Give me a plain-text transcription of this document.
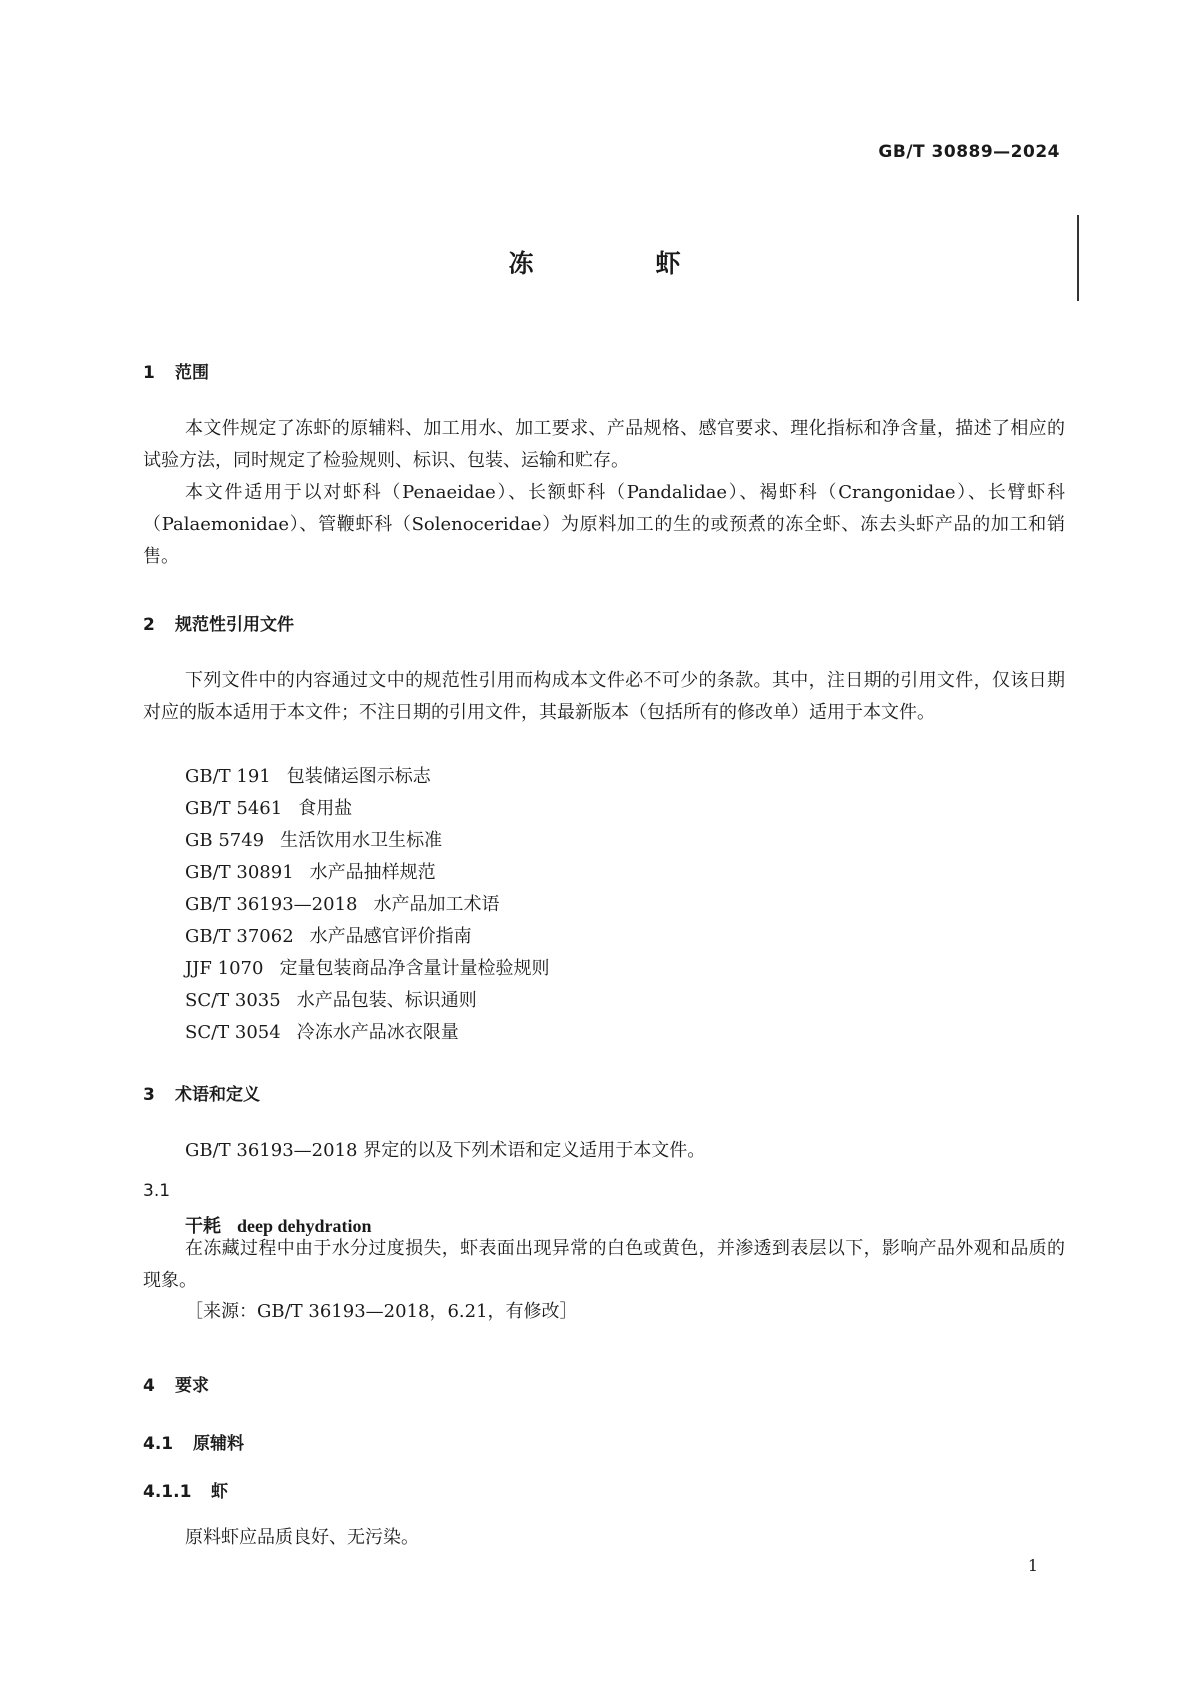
GB/T 30889—2024
冻	虾
1 范围

本文件规定了冻虾的原辅料、加工用水、加工要求、产品规格、感官要求、理化指标和净含量，描述了相应的试验方法，同时规定了检验规则、标识、包装、运输和贮存。

本文件适用于以对虾科（Penaeidae）、长额虾科（Pandalidae）、褐虾科（Crangonidae）、长臂虾科（Palaemonidae）、管鞭虾科（Solenoceridae）为原料加工的生的或预煮的冻全虾、冻去头虾产品的加工和销售。

2 规范性引用文件

下列文件中的内容通过文中的规范性引用而构成本文件必不可少的条款。其中，注日期的引用文件，仅该日期对应的版本适用于本文件；不注日期的引用文件，其最新版本（包括所有的修改单）适用于本文件。

GB/T 191 包装储运图示标志
GB/T 5461 食用盐
GB 5749 生活饮用水卫生标准
GB/T 30891 水产品抽样规范
GB/T 36193—2018 水产品加工术语
GB/T 37062 水产品感官评价指南
JJF 1070 定量包装商品净含量计量检验规则
SC/T 3035 水产品包装、标识通则
SC/T 3054 冷冻水产品冰衣限量
3 术语和定义

GB/T 36193—2018 界定的以及下列术语和定义适用于本文件。

3.1
干耗 deep dehydration

在冻藏过程中由于水分过度损失，虾表面出现异常的白色或黄色，并渗透到表层以下，影响产品外观和品质的现象。

［来源：GB/T 36193—2018，6.21，有修改］
4 要求
4.1 原辅料
4.1.1 虾

原料虾应品质良好、无污染。

1
